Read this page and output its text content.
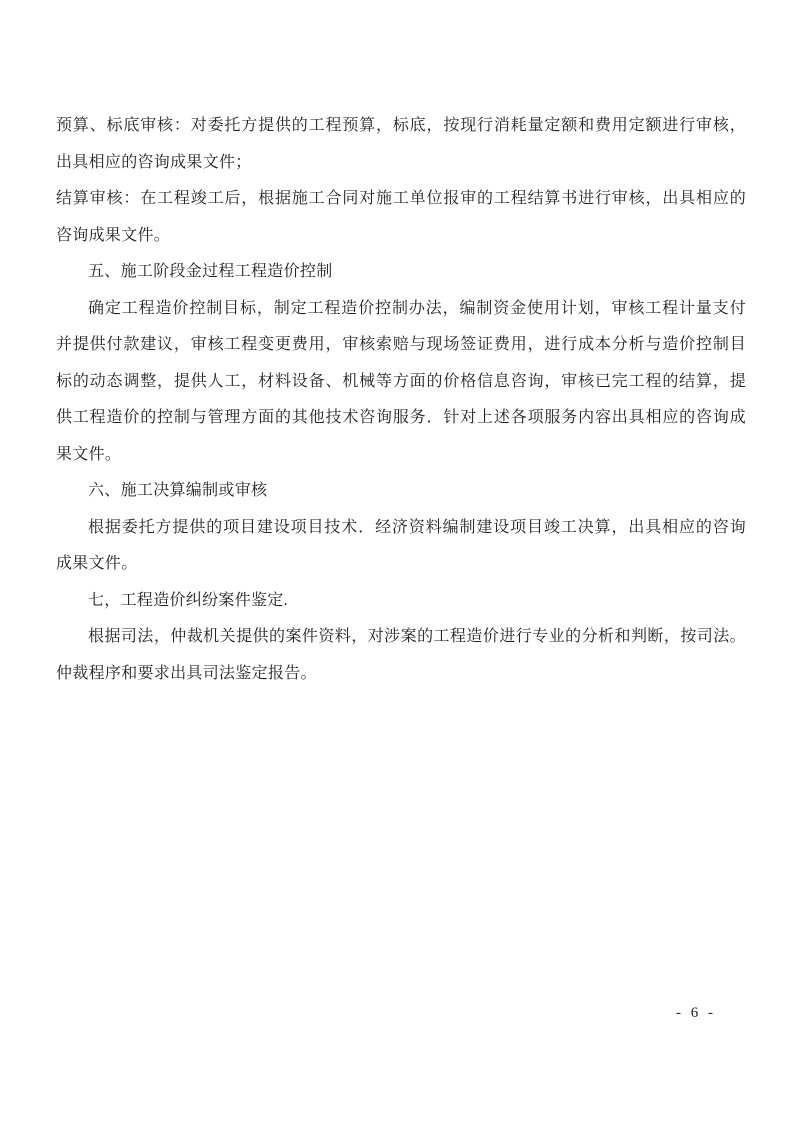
预算、标底审核：对委托方提供的工程预算，标底，按现行消耗量定额和费用定额进行审核，
出具相应的咨询成果文件；
结算审核：在工程竣工后，根据施工合同对施工单位报审的工程结算书进行审核，出具相应的
咨询成果文件。
五、施工阶段金过程工程造价控制
确定工程造价控制目标，制定工程造价控制办法，编制资金使用计划，审核工程计量支付
并提供付款建议，审核工程变更费用，审核索赔与现场签证费用，进行成本分析与造价控制目
标的动态调整，提供人工，材料设备、机械等方面的价格信息咨询，审核已完工程的结算，提
供工程造价的控制与管理方面的其他技术咨询服务．针对上述各项服务内容出具相应的咨询成
果文件。
六、施工决算编制或审核
根据委托方提供的项目建设项目技术．经济资料编制建设项目竣工决算，出具相应的咨询
成果文件。
七，工程造价纠纷案件鉴定.
根据司法，仲裁机关提供的案件资料，对涉案的工程造价进行专业的分析和判断，按司法。
仲裁程序和要求出具司法鉴定报告。
- 6 -
